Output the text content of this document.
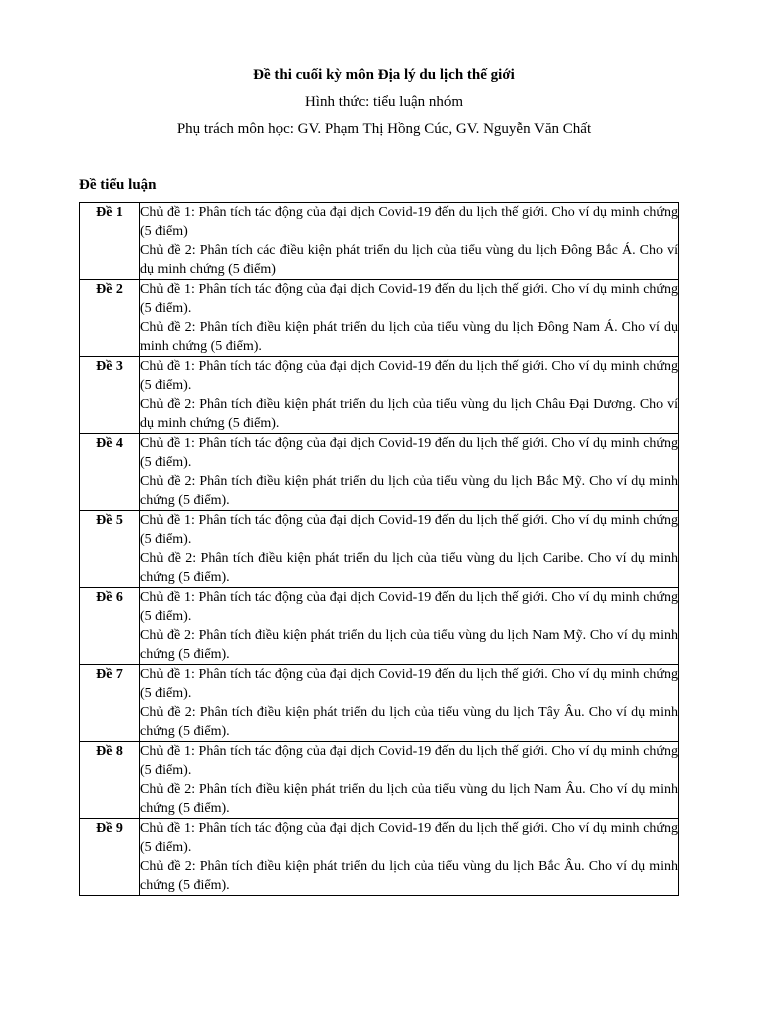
Đề thi cuối kỳ môn Địa lý du lịch thế giới
Hình thức: tiểu luận nhóm
Phụ trách môn học: GV. Phạm Thị Hồng Cúc, GV. Nguyễn Văn Chất
Đề tiểu luận
Đề 1	Chủ đề 1: Phân tích tác động của đại dịch Covid-19 đến du lịch thế giới. Cho ví dụ minh chứng (5 điểm)
Chủ đề 2: Phân tích các điều kiện phát triển du lịch của tiểu vùng du lịch Đông Bắc Á. Cho ví dụ minh chứng (5 điểm)

Đề 2	Chủ đề 1: Phân tích tác động của đại dịch Covid-19 đến du lịch thế giới. Cho ví dụ minh chứng (5 điểm).
Chủ đề 2: Phân tích điều kiện phát triển du lịch của tiểu vùng du lịch Đông Nam Á. Cho ví dụ minh chứng (5 điểm).

Đề 3	Chủ đề 1: Phân tích tác động của đại dịch Covid-19 đến du lịch thế giới. Cho ví dụ minh chứng (5 điểm).
Chủ đề 2: Phân tích điều kiện phát triển du lịch của tiểu vùng du lịch Châu Đại Dương. Cho ví dụ minh chứng (5 điểm).

Đề 4	Chủ đề 1: Phân tích tác động của đại dịch Covid-19 đến du lịch thế giới. Cho ví dụ minh chứng (5 điểm).
Chủ đề 2: Phân tích điều kiện phát triển du lịch của tiểu vùng du lịch Bắc Mỹ. Cho ví dụ minh chứng (5 điểm).

Đề 5	Chủ đề 1: Phân tích tác động của đại dịch Covid-19 đến du lịch thế giới. Cho ví dụ minh chứng (5 điểm).
Chủ đề 2: Phân tích điều kiện phát triển du lịch của tiểu vùng du lịch Caribe. Cho ví dụ minh chứng (5 điểm).

Đề 6	Chủ đề 1: Phân tích tác động của đại dịch Covid-19 đến du lịch thế giới. Cho ví dụ minh chứng (5 điểm).
Chủ đề 2: Phân tích điều kiện phát triển du lịch của tiểu vùng du lịch Nam Mỹ. Cho ví dụ minh chứng (5 điểm).

Đề 7	Chủ đề 1: Phân tích tác động của đại dịch Covid-19 đến du lịch thế giới. Cho ví dụ minh chứng (5 điểm).
Chủ đề 2: Phân tích điều kiện phát triển du lịch của tiểu vùng du lịch Tây Âu. Cho ví dụ minh chứng (5 điểm).

Đề 8	Chủ đề 1: Phân tích tác động của đại dịch Covid-19 đến du lịch thế giới. Cho ví dụ minh chứng (5 điểm).
Chủ đề 2: Phân tích điều kiện phát triển du lịch của tiểu vùng du lịch Nam Âu. Cho ví dụ minh chứng (5 điểm).

Đề 9	Chủ đề 1: Phân tích tác động của đại dịch Covid-19 đến du lịch thế giới. Cho ví dụ minh chứng (5 điểm).
Chủ đề 2: Phân tích điều kiện phát triển du lịch của tiểu vùng du lịch Bắc Âu. Cho ví dụ minh chứng (5 điểm).
